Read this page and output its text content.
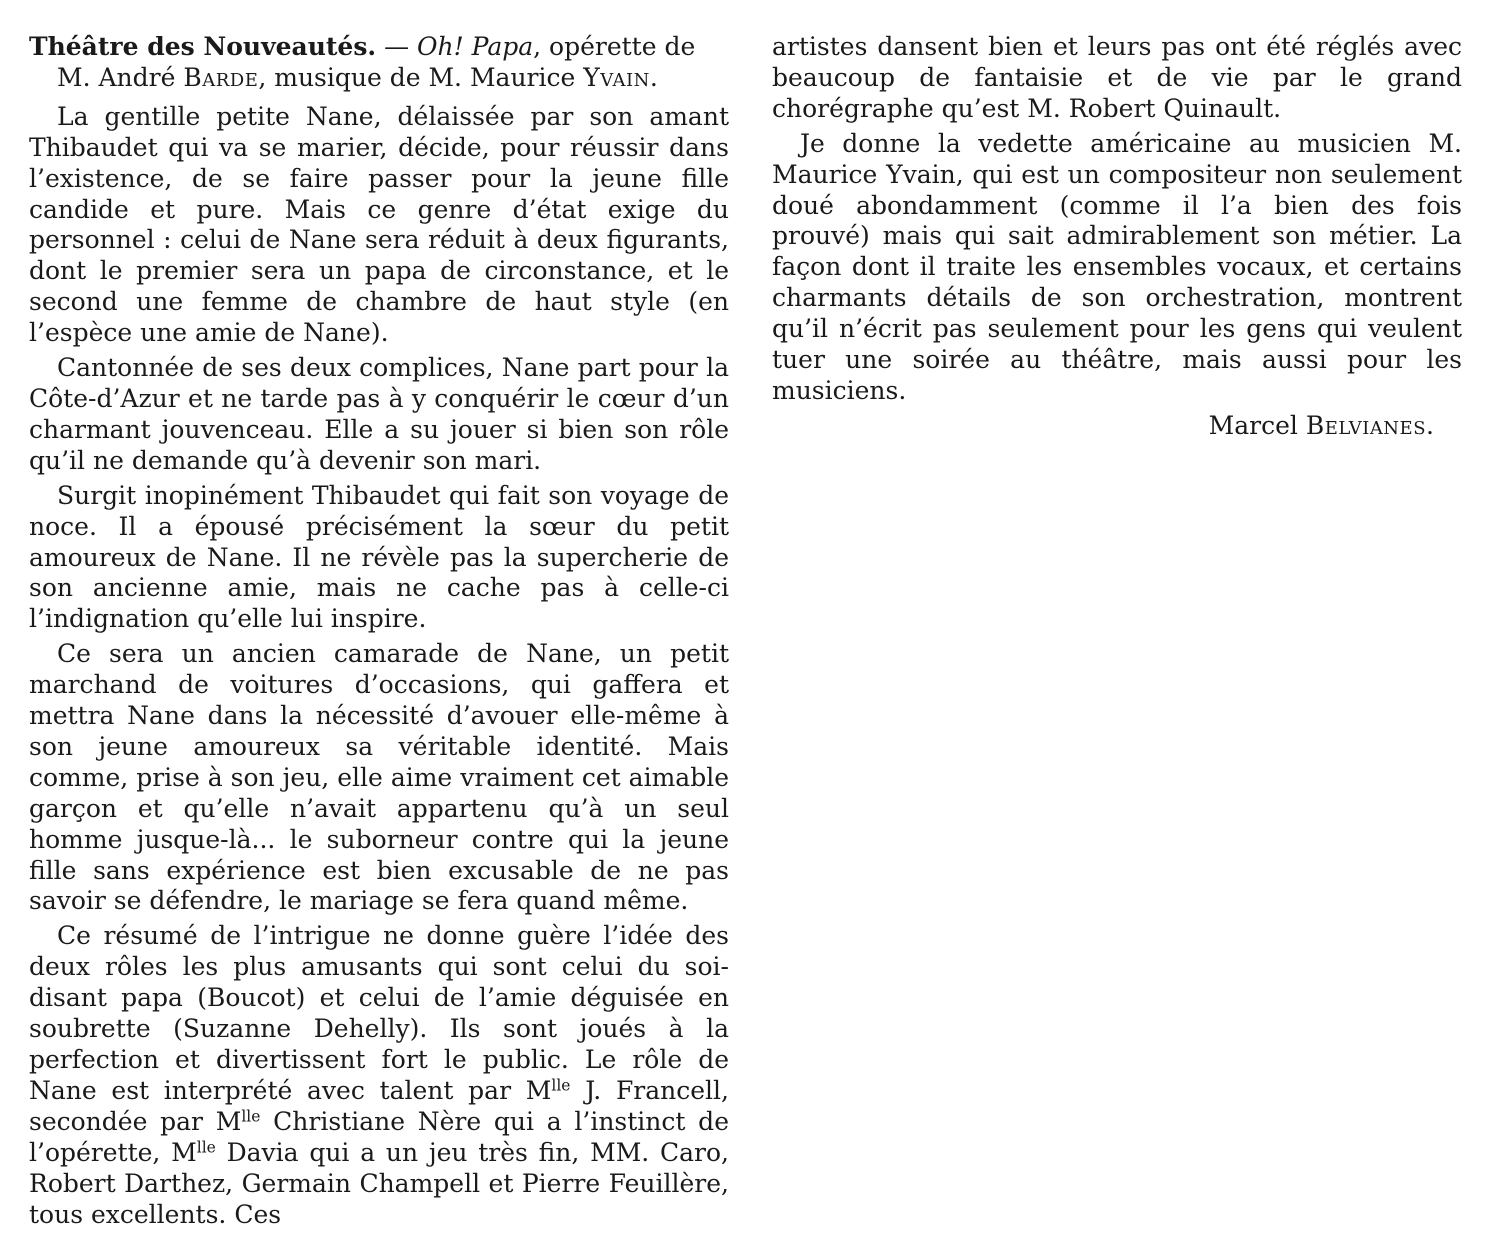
Théâtre des Nouveautés. — Oh! Papa, opérette de
M. André Barde, musique de M. Maurice Yvain.

La gentille petite Nane, délaissée par son amant Thibaudet qui va se marier, décide, pour réussir dans l’existence, de se faire passer pour la jeune fille candide et pure. Mais ce genre d’état exige du personnel : celui de Nane sera réduit à deux figurants, dont le premier sera un papa de circonstance, et le second une femme de chambre de haut style (en l’espèce une amie de Nane).

Cantonnée de ses deux complices, Nane part pour la Côte-d’Azur et ne tarde pas à y conquérir le cœur d’un charmant jouvenceau. Elle a su jouer si bien son rôle qu’il ne demande qu’à devenir son mari.

Surgit inopinément Thibaudet qui fait son voyage de noce. Il a épousé précisément la sœur du petit amoureux de Nane. Il ne révèle pas la supercherie de son ancienne amie, mais ne cache pas à celle-ci l’indignation qu’elle lui inspire.

Ce sera un ancien camarade de Nane, un petit marchand de voitures d’occasions, qui gaffera et mettra Nane dans la nécessité d’avouer elle-même à son jeune amoureux sa véritable identité. Mais comme, prise à son jeu, elle aime vraiment cet aimable garçon et qu’elle n’avait appartenu qu’à un seul homme jusque-là... le suborneur contre qui la jeune fille sans expérience est bien excusable de ne pas savoir se défendre, le mariage se fera quand même.

Ce résumé de l’intrigue ne donne guère l’idée des deux rôles les plus amusants qui sont celui du soi-disant papa (Boucot) et celui de l’amie déguisée en soubrette (Suzanne Dehelly). Ils sont joués à la perfection et divertissent fort le public. Le rôle de Nane est interprété avec talent par $M^{lle}$ J. Francell, secondée par $M^{lle}$ Christiane Nère qui a l’instinct de l’opérette, $M^{lle}$ Davia qui a un jeu très fin, MM. Caro, Robert Darthez, Germain Champell et Pierre Feuillère, tous excellents. Ces

artistes dansent bien et leurs pas ont été réglés avec beaucoup de fantaisie et de vie par le grand chorégraphe qu’est M. Robert Quinault.

Je donne la vedette américaine au musicien M. Maurice Yvain, qui est un compositeur non seulement doué abondamment (comme il l’a bien des fois prouvé) mais qui sait admirablement son métier. La façon dont il traite les ensembles vocaux, et certains charmants détails de son orchestration, montrent qu’il n’écrit pas seulement pour les gens qui veulent tuer une soirée au théâtre, mais aussi pour les musiciens.

Marcel Belvianes.
